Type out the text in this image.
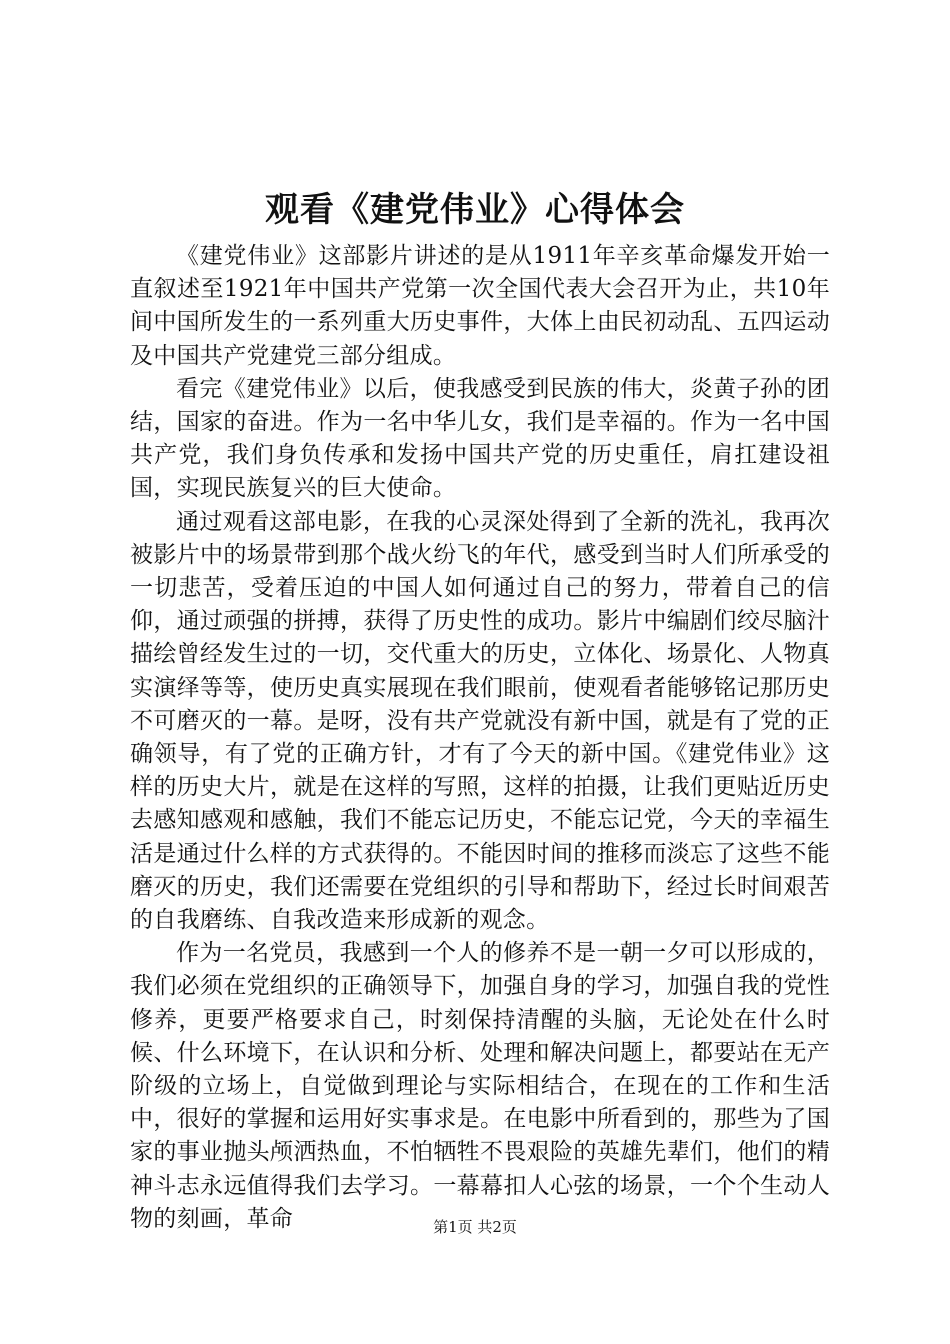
观看《建党伟业》心得体会

《建党伟业》这部影片讲述的是从1911年辛亥革命爆发开始一直叙述至1921年中国共产党第一次全国代表大会召开为止，共10年间中国所发生的一系列重大历史事件，大体上由民初动乱、五四运动及中国共产党建党三部分组成。

看完《建党伟业》以后，使我感受到民族的伟大，炎黄子孙的团结，国家的奋进。作为一名中华儿女，我们是幸福的。作为一名中国共产党，我们身负传承和发扬中国共产党的历史重任，肩扛建设祖国，实现民族复兴的巨大使命。

通过观看这部电影，在我的心灵深处得到了全新的洗礼，我再次被影片中的场景带到那个战火纷飞的年代，感受到当时人们所承受的一切悲苦，受着压迫的中国人如何通过自己的努力，带着自己的信仰，通过顽强的拼搏，获得了历史性的成功。影片中编剧们绞尽脑汁描绘曾经发生过的一切，交代重大的历史，立体化、场景化、人物真实演绎等等，使历史真实展现在我们眼前，使观看者能够铭记那历史不可磨灭的一幕。是呀，没有共产党就没有新中国，就是有了党的正确领导，有了党的正确方针，才有了今天的新中国。《建党伟业》这样的历史大片，就是在这样的写照，这样的拍摄，让我们更贴近历史去感知感观和感触，我们不能忘记历史，不能忘记党，今天的幸福生活是通过什么样的方式获得的。不能因时间的推移而淡忘了这些不能磨灭的历史，我们还需要在党组织的引导和帮助下，经过长时间艰苦的自我磨练、自我改造来形成新的观念。

作为一名党员，我感到一个人的修养不是一朝一夕可以形成的，我们必须在党组织的正确领导下，加强自身的学习，加强自我的党性修养，更要严格要求自己，时刻保持清醒的头脑，无论处在什么时候、什么环境下，在认识和分析、处理和解决问题上，都要站在无产阶级的立场上，自觉做到理论与实际相结合，在现在的工作和生活中，很好的掌握和运用好实事求是。在电影中所看到的，那些为了国家的事业抛头颅洒热血，不怕牺牲不畏艰险的英雄先辈们，他们的精神斗志永远值得我们去学习。一幕幕扣人心弦的场景，一个个生动人物的刻画，革命	第1页 共2页
